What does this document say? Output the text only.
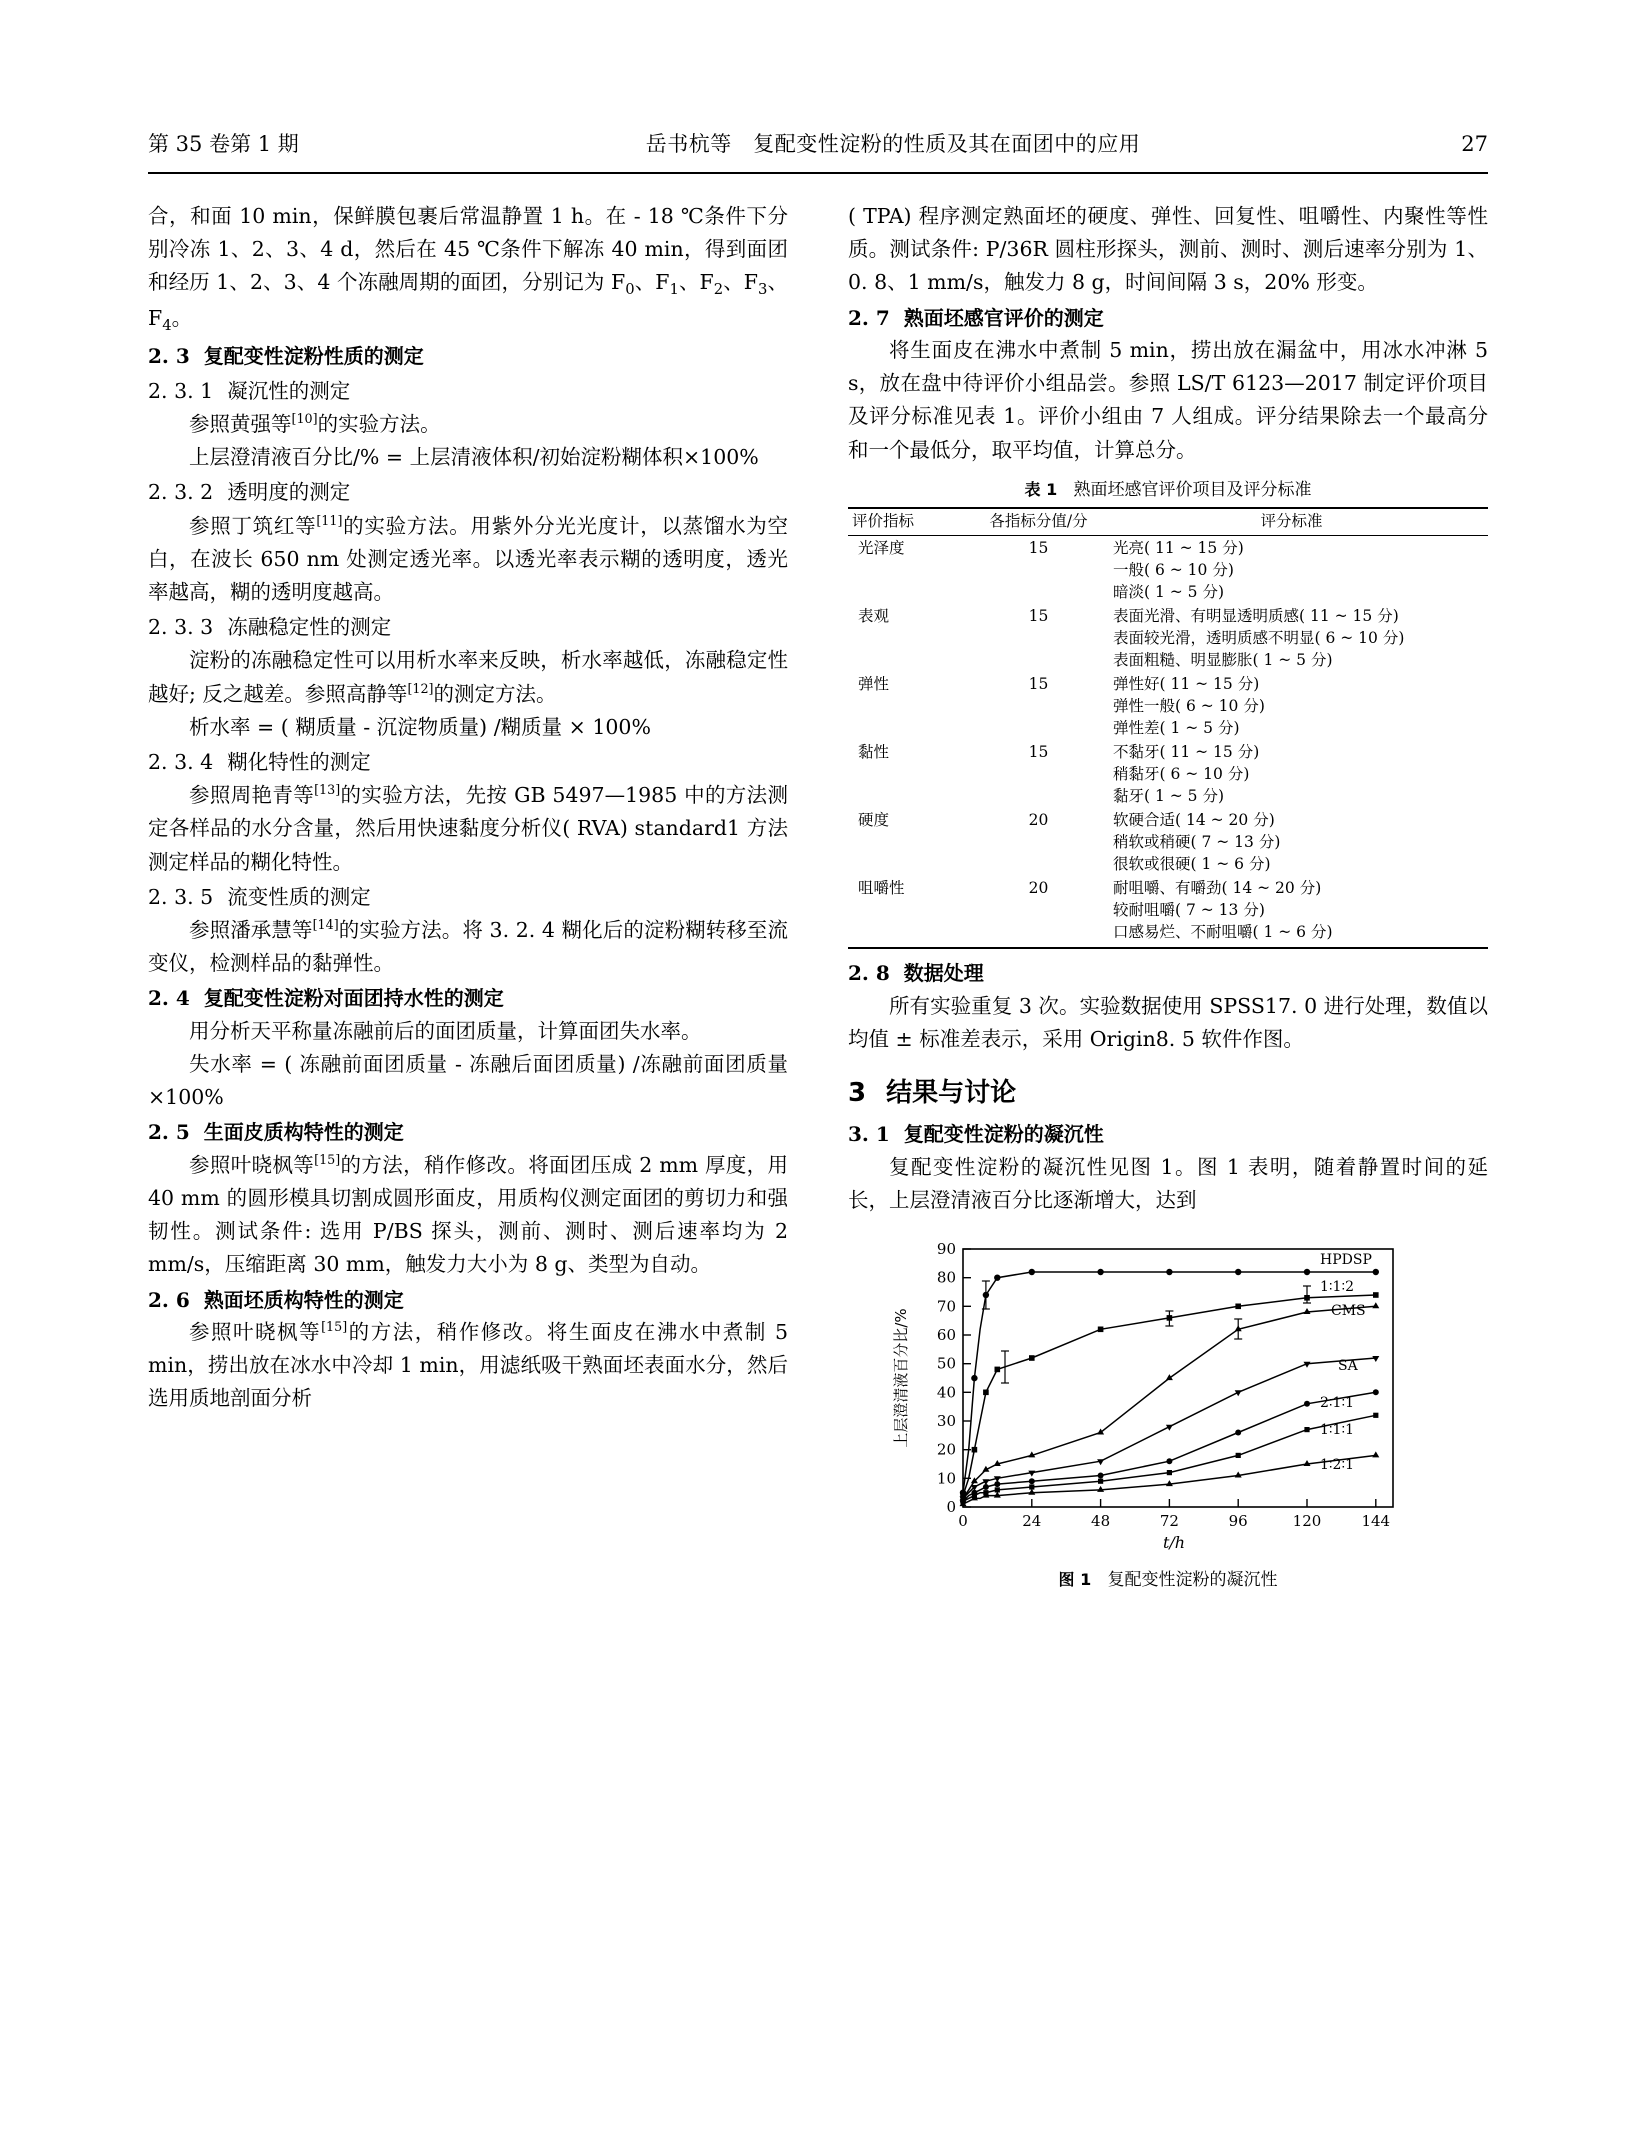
第 35 卷第 1 期	岳书杭等　复配变性淀粉的性质及其在面团中的应用	27

合，和面 10 min，保鲜膜包裹后常温静置 1 h。在 - 18 ℃条件下分别冷冻 1、2、3、4 d，然后在 45 ℃条件下解冻 40 min，得到面团和经历 1、2、3、4 个冻融周期的面团，分别记为 $F_0$、$F_1$、$F_2$、$F_3$、$F_4$。

2. 3 复配变性淀粉性质的测定

2. 3. 1 凝沉性的测定

参照黄强等[10]的实验方法。

上层澄清液百分比/% = 上层清液体积/初始淀粉糊体积×100%

2. 3. 2 透明度的测定

参照丁筑红等[11]的实验方法。用紫外分光光度计，以蒸馏水为空白，在波长 650 nm 处测定透光率。以透光率表示糊的透明度，透光率越高，糊的透明度越高。

2. 3. 3 冻融稳定性的测定

淀粉的冻融稳定性可以用析水率来反映，析水率越低，冻融稳定性越好; 反之越差。参照高静等[12]的测定方法。

析水率 = ( 糊质量 - 沉淀物质量) /糊质量 × 100%

2. 3. 4 糊化特性的测定

参照周艳青等[13]的实验方法，先按 GB 5497—1985 中的方法测定各样品的水分含量，然后用快速黏度分析仪( RVA) standard1 方法测定样品的糊化特性。

2. 3. 5 流变性质的测定

参照潘承慧等[14]的实验方法。将 3. 2. 4 糊化后的淀粉糊转移至流变仪，检测样品的黏弹性。

2. 4 复配变性淀粉对面团持水性的测定

用分析天平称量冻融前后的面团质量，计算面团失水率。

失水率 = ( 冻融前面团质量 - 冻融后面团质量) /冻融前面团质量×100%

2. 5 生面皮质构特性的测定

参照叶晓枫等[15]的方法，稍作修改。将面团压成 2 mm 厚度，用 40 mm 的圆形模具切割成圆形面皮，用质构仪测定面团的剪切力和强韧性。测试条件: 选用 P/BS 探头，测前、测时、测后速率均为 2 mm/s，压缩距离 30 mm，触发力大小为 8 g、类型为自动。

2. 6 熟面坯质构特性的测定

参照叶晓枫等[15]的方法，稍作修改。将生面皮在沸水中煮制 5 min，捞出放在冰水中冷却 1 min，用滤纸吸干熟面坯表面水分，然后选用质地剖面分析

( TPA) 程序测定熟面坯的硬度、弹性、回复性、咀嚼性、内聚性等性质。测试条件: P/36R 圆柱形探头，测前、测时、测后速率分别为 1、0. 8、1 mm/s，触发力 8 g，时间间隔 3 s，20% 形变。

2. 7 熟面坯感官评价的测定

将生面皮在沸水中煮制 5 min，捞出放在漏盆中，用冰水冲淋 5 s，放在盘中待评价小组品尝。参照 LS/T 6123—2017 制定评价项目及评分标准见表 1。评价小组由 7 人组成。评分结果除去一个最高分和一个最低分，取平均值，计算总分。

表 1 熟面坯感官评价项目及评分标准
评价指标	各指标分值/分	评分标准
光泽度	15	光亮( 11 ~ 15 分)
一般( 6 ~ 10 分)
暗淡( 1 ~ 5 分)

表观	15	表面光滑、有明显透明质感( 11 ~ 15 分)
表面较光滑，透明质感不明显( 6 ~ 10 分)
表面粗糙、明显膨胀( 1 ~ 5 分)

弹性	15	弹性好( 11 ~ 15 分)
弹性一般( 6 ~ 10 分)
弹性差( 1 ~ 5 分)

黏性	15	不黏牙( 11 ~ 15 分)
稍黏牙( 6 ~ 10 分)
黏牙( 1 ~ 5 分)

硬度	20	软硬合适( 14 ~ 20 分)
稍软或稍硬( 7 ~ 13 分)
很软或很硬( 1 ~ 6 分)

咀嚼性	20	耐咀嚼、有嚼劲( 14 ~ 20 分)
较耐咀嚼( 7 ~ 13 分)
口感易烂、不耐咀嚼( 1 ~ 6 分)

2. 8 数据处理

所有实验重复 3 次。实验数据使用 SPSS17. 0 进行处理，数值以均值 ± 标准差表示，采用 Origin8. 5 软件作图。

3 结果与讨论

3. 1 复配变性淀粉的凝沉性

复配变性淀粉的凝沉性见图 1。图 1 表明，随着静置时间的延长，上层澄清液百分比逐渐增大，达到

0
10
20
30
40
50
60
70
80
90
0	24	48	72	96	120	144
t/h
上层澄清液百分比/%
HPDSP
1∶1∶2
CMS
SA
2∶1∶1
1∶1∶1
1∶2∶1
图 1 复配变性淀粉的凝沉性
